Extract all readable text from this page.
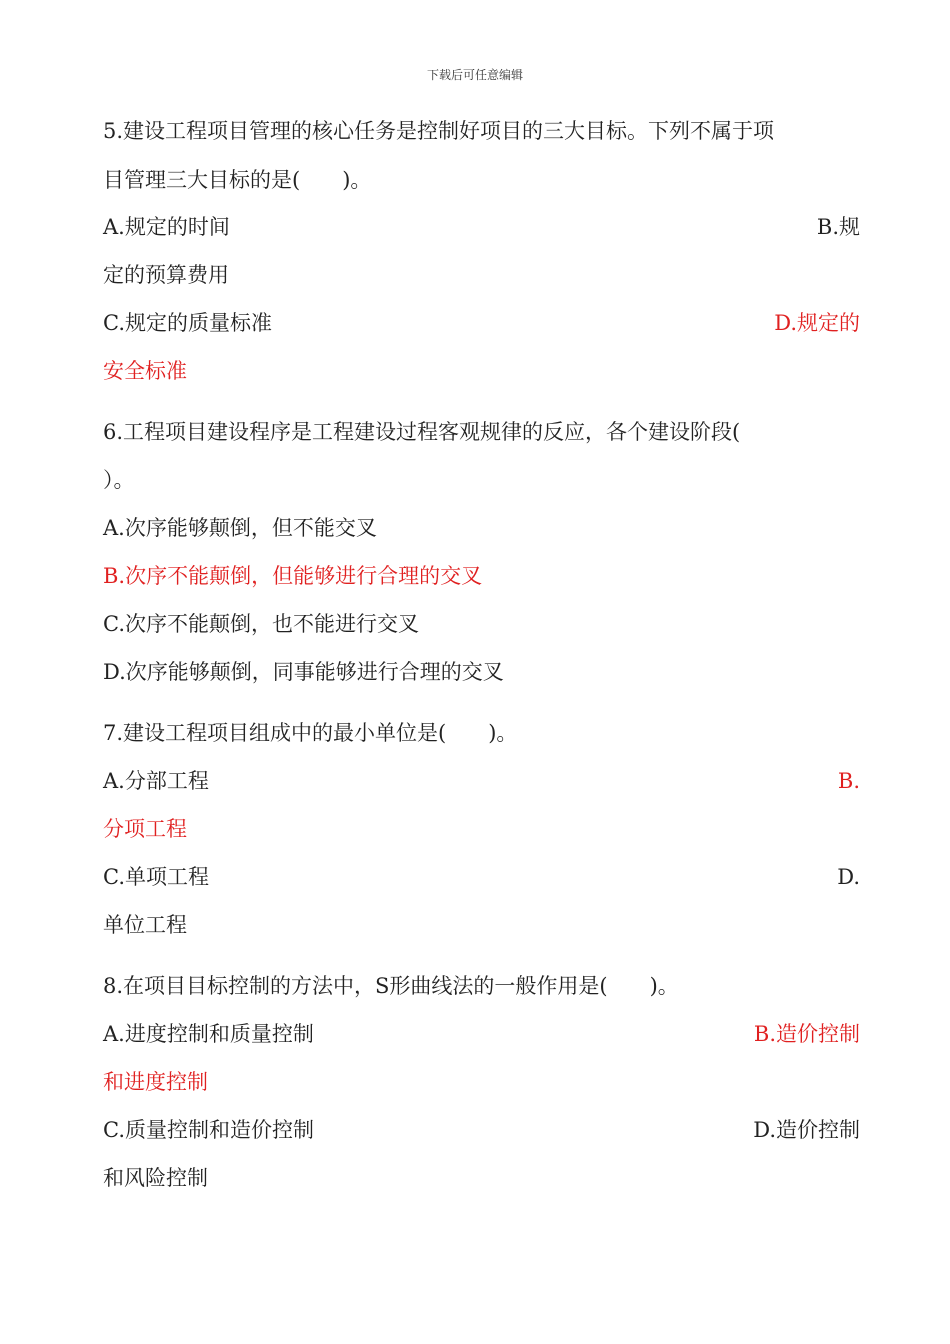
下载后可任意编辑
5.建设工程项目管理的核心任务是控制好项目的三大目标。下列不属于项
目管理三大目标的是(　　)。
A.规定的时间	B.规
定的预算费用
C.规定的质量标准	D.规定的
安全标准
6.工程项目建设程序是工程建设过程客观规律的反应，各个建设阶段(
）。
A.次序能够颠倒，但不能交叉
B.次序不能颠倒，但能够进行合理的交叉
C.次序不能颠倒，也不能进行交叉
D.次序能够颠倒，同事能够进行合理的交叉
7.建设工程项目组成中的最小单位是(　　)。
A.分部工程	B.
分项工程
C.单项工程	D.
单位工程
8.在项目目标控制的方法中，S形曲线法的一般作用是(　　)。
A.进度控制和质量控制	B.造价控制
和进度控制
C.质量控制和造价控制	D.造价控制
和风险控制
